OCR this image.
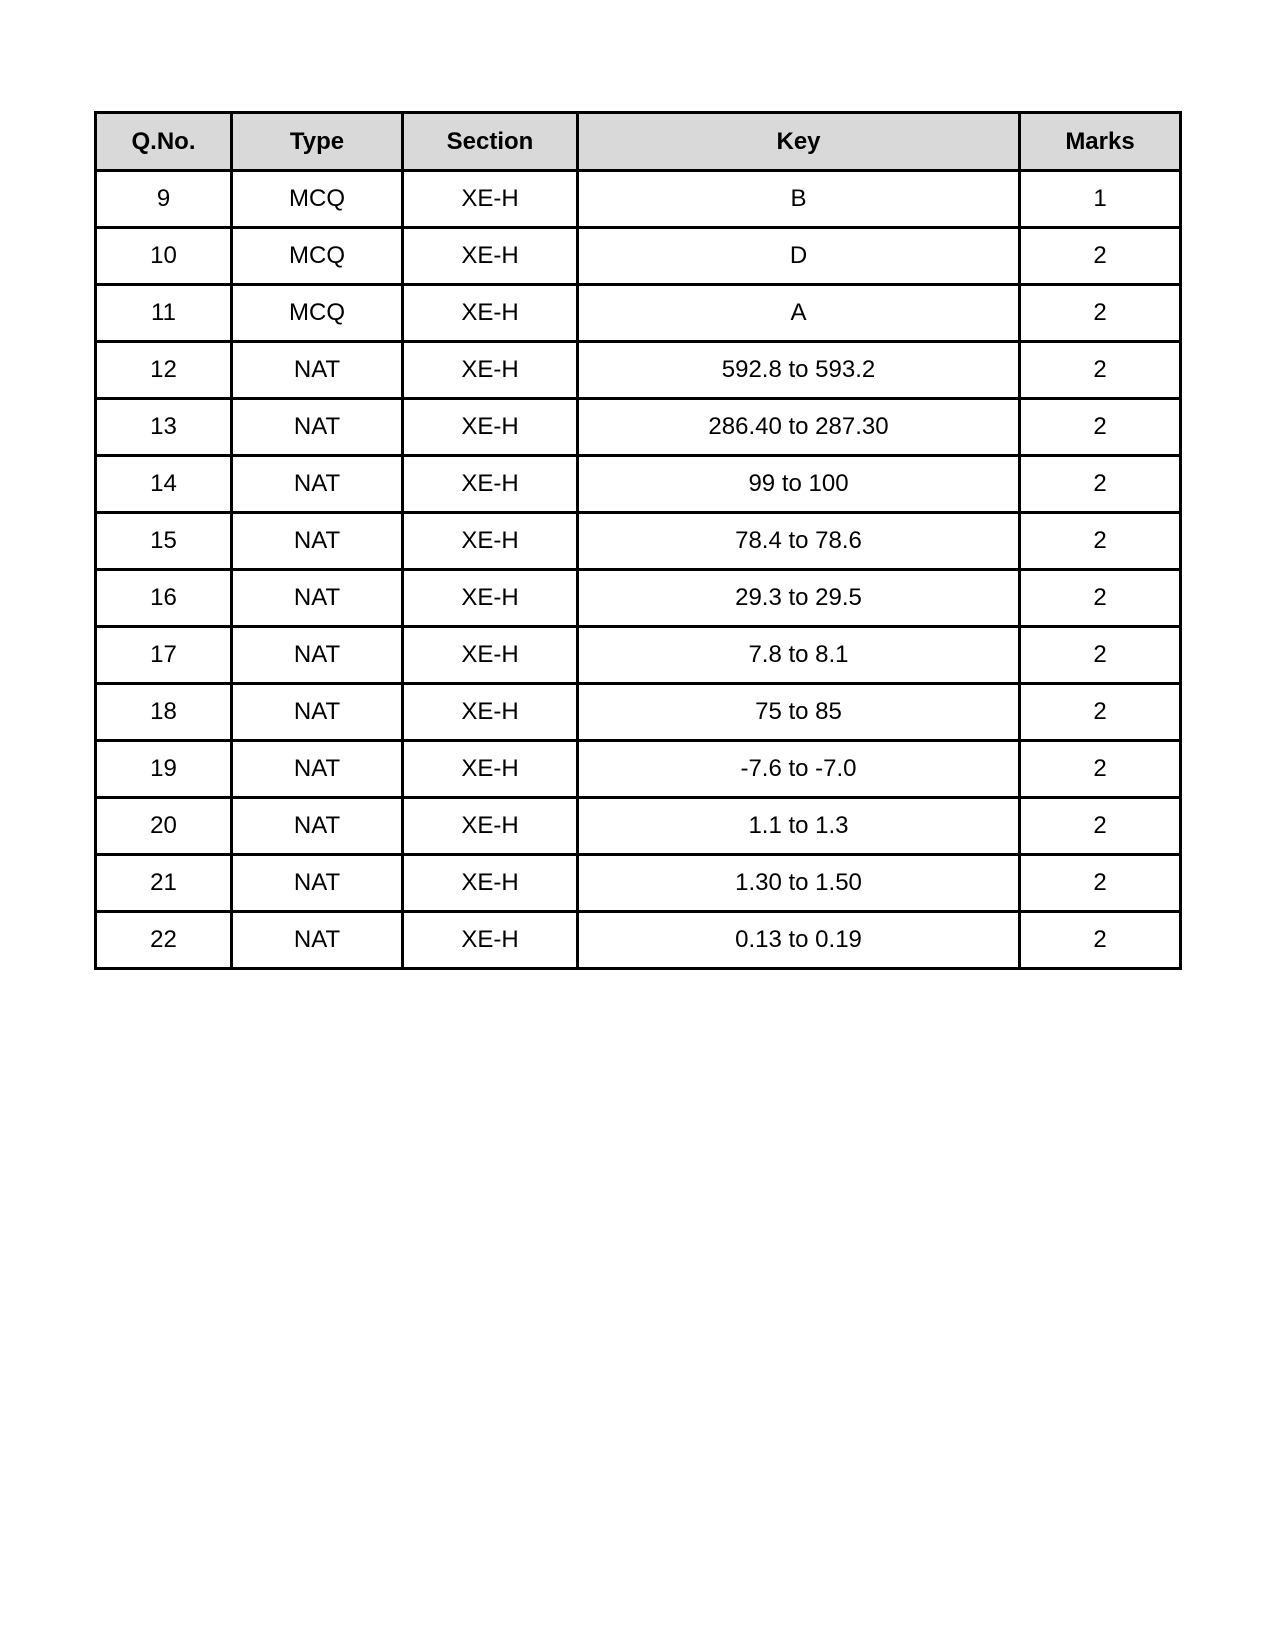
Q.No.	Type	Section	Key	Marks
9	MCQ	XE-H	B	1
10	MCQ	XE-H	D	2
11	MCQ	XE-H	A	2
12	NAT	XE-H	592.8 to 593.2	2
13	NAT	XE-H	286.40 to 287.30	2
14	NAT	XE-H	99 to 100	2
15	NAT	XE-H	78.4 to 78.6	2
16	NAT	XE-H	29.3 to 29.5	2
17	NAT	XE-H	7.8 to 8.1	2
18	NAT	XE-H	75 to 85	2
19	NAT	XE-H	-7.6 to -7.0	2
20	NAT	XE-H	1.1 to 1.3	2
21	NAT	XE-H	1.30 to 1.50	2
22	NAT	XE-H	0.13 to 0.19	2
